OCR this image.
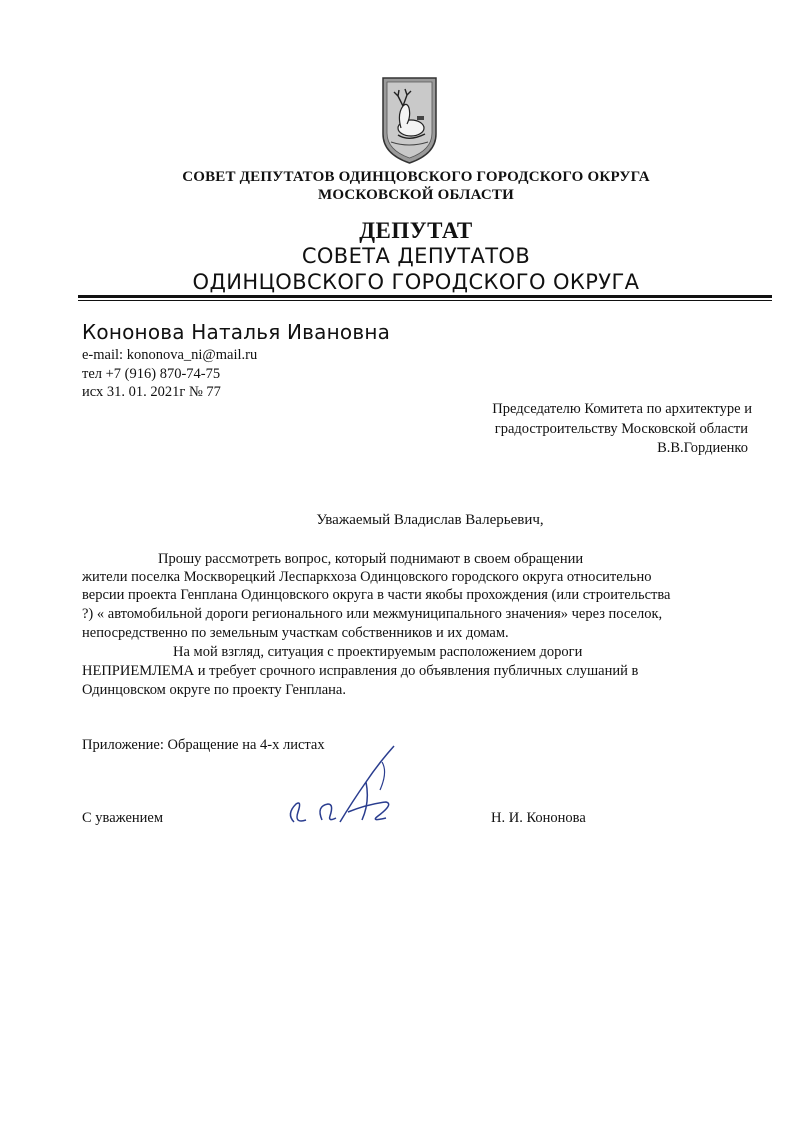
СОВЕТ ДЕПУТАТОВ ОДИНЦОВСКОГО ГОРОДСКОГО ОКРУГА
МОСКОВСКОЙ ОБЛАСТИ
ДЕПУТАТ
СОВЕТА ДЕПУТАТОВ
ОДИНЦОВСКОГО ГОРОДСКОГО ОКРУГА
Кононова Наталья Ивановна
e-mail: kononova_ni@mail.ru
тел +7 (916) 870-74-75
исх 31. 01. 2021г № 77
Председателю Комитета по архитектуре и
градостроительству Московской области
В.В.Гордиенко
Уважаемый Владислав Валерьевич,
Прошу рассмотреть вопрос, который поднимают в своем обращении
жители поселка Москворецкий Леспаркхоза Одинцовского городского округа относительно
версии проекта Генплана Одинцовского округа в части якобы прохождения (или строительства
?) « автомобильной дороги регионального или межмуниципального значения» через поселок,
непосредственно по земельным участкам собственников и их домам.
На мой взгляд, ситуация с проектируемым расположением дороги
НЕПРИЕМЛЕМА и требует срочного исправления до объявления публичных слушаний в
Одинцовском округе по проекту Генплана.
Приложение: Обращение на 4-х листах
С уважением	Н. И. Кононова
